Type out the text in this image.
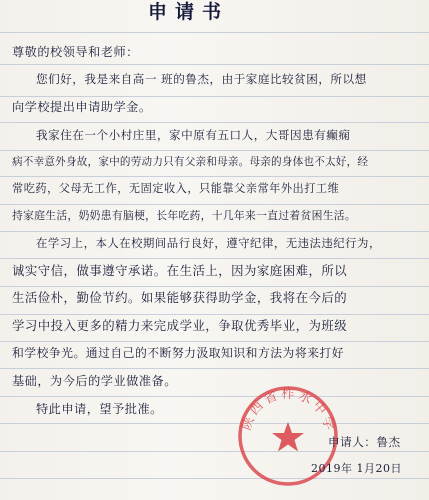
申请书
尊敬的校领导和老师：
您们好，我是来自高一 班的鲁杰，由于家庭比较贫困，所以想
向学校提出申请助学金。
我家住在一个小村庄里，家中原有五口人，大哥因患有癫痫
病不幸意外身故，家中的劳动力只有父亲和母亲。母亲的身体也不太好，经
常吃药，父母无工作，无固定收入，只能靠父亲常年外出打工维
持家庭生活，奶奶患有脑梗，长年吃药，十几年来一直过着贫困生活。
在学习上，本人在校期间品行良好，遵守纪律，无违法违纪行为，
诚实守信，做事遵守承诺。在生活上，因为家庭困难，所以
生活俭朴，勤俭节约。如果能够获得助学金，我将在今后的
学习中投入更多的精力来完成学业，争取优秀毕业，为班级
和学校争光。通过自己的不断努力汲取知识和方法为将来打好
基础，为今后的学业做准备。
特此申请，望予批准。
陕西省柞水中学
申请人：鲁杰
2019年 1月20日
